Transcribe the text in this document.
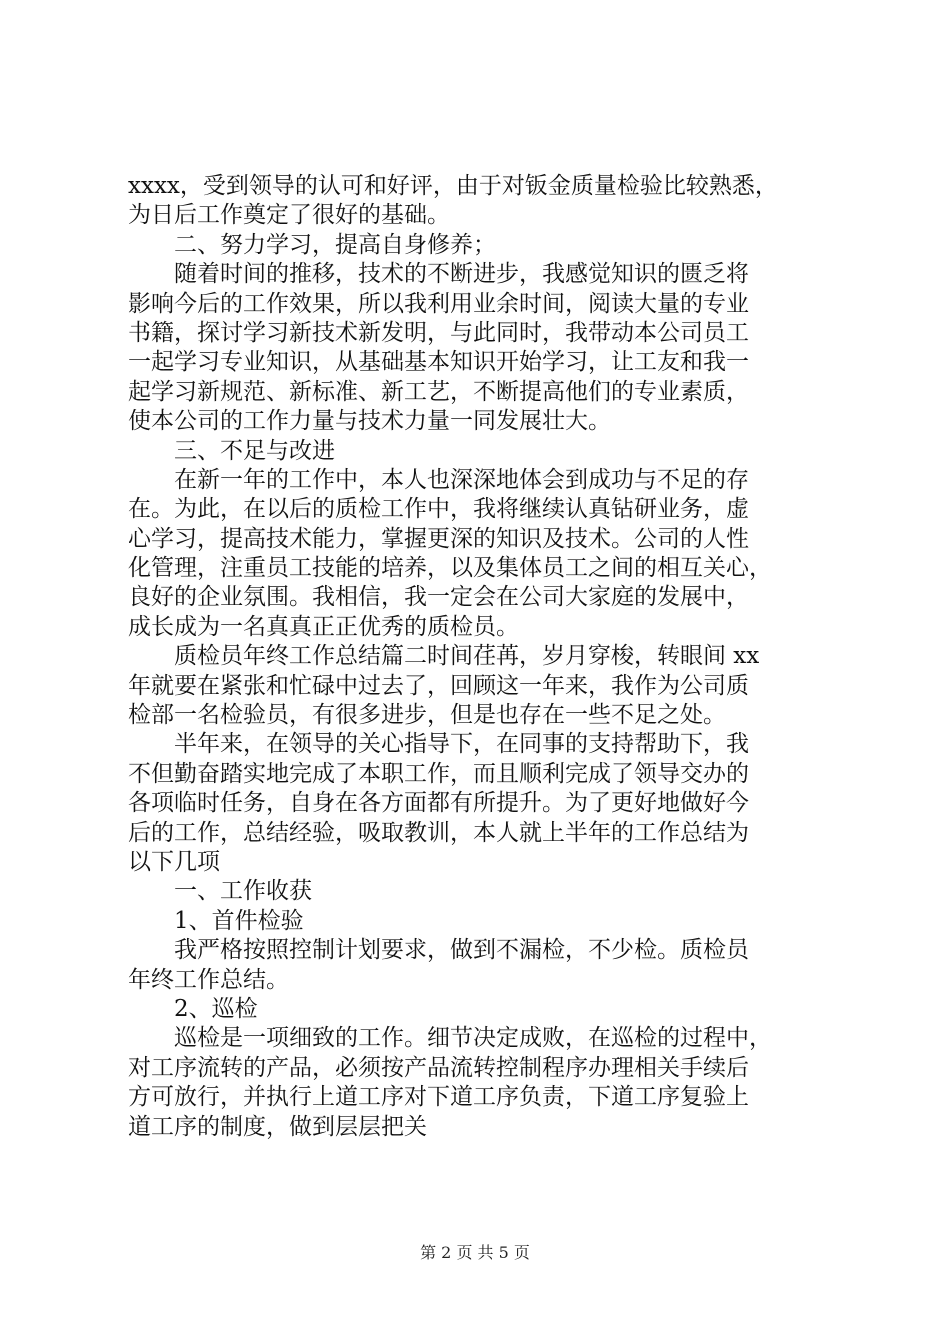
xxxx，受到领导的认可和好评，由于对钣金质量检验比较熟悉，
为日后工作奠定了很好的基础。
二、努力学习，提高自身修养；
随着时间的推移，技术的不断进步，我感觉知识的匮乏将
影响今后的工作效果，所以我利用业余时间，阅读大量的专业
书籍，探讨学习新技术新发明，与此同时，我带动本公司员工
一起学习专业知识，从基础基本知识开始学习，让工友和我一
起学习新规范、新标准、新工艺，不断提高他们的专业素质，
使本公司的工作力量与技术力量一同发展壮大。
三、不足与改进
在新一年的工作中，本人也深深地体会到成功与不足的存
在。为此，在以后的质检工作中，我将继续认真钻研业务，虚
心学习，提高技术能力，掌握更深的知识及技术。公司的人性
化管理，注重员工技能的培养，以及集体员工之间的相互关心，
良好的企业氛围。我相信，我一定会在公司大家庭的发展中，
成长成为一名真真正正优秀的质检员。
质检员年终工作总结篇二时间荏苒，岁月穿梭，转眼间 xx
年就要在紧张和忙碌中过去了，回顾这一年来，我作为公司质
检部一名检验员，有很多进步，但是也存在一些不足之处。
半年来，在领导的关心指导下，在同事的支持帮助下，我
不但勤奋踏实地完成了本职工作，而且顺利完成了领导交办的
各项临时任务，自身在各方面都有所提升。为了更好地做好今
后的工作，总结经验，吸取教训，本人就上半年的工作总结为
以下几项
一、工作收获
1、首件检验
我严格按照控制计划要求，做到不漏检，不少检。质检员
年终工作总结。
2、巡检
巡检是一项细致的工作。细节决定成败，在巡检的过程中，
对工序流转的产品，必须按产品流转控制程序办理相关手续后
方可放行，并执行上道工序对下道工序负责，下道工序复验上
道工序的制度，做到层层把关
第 2 页 共 5 页
